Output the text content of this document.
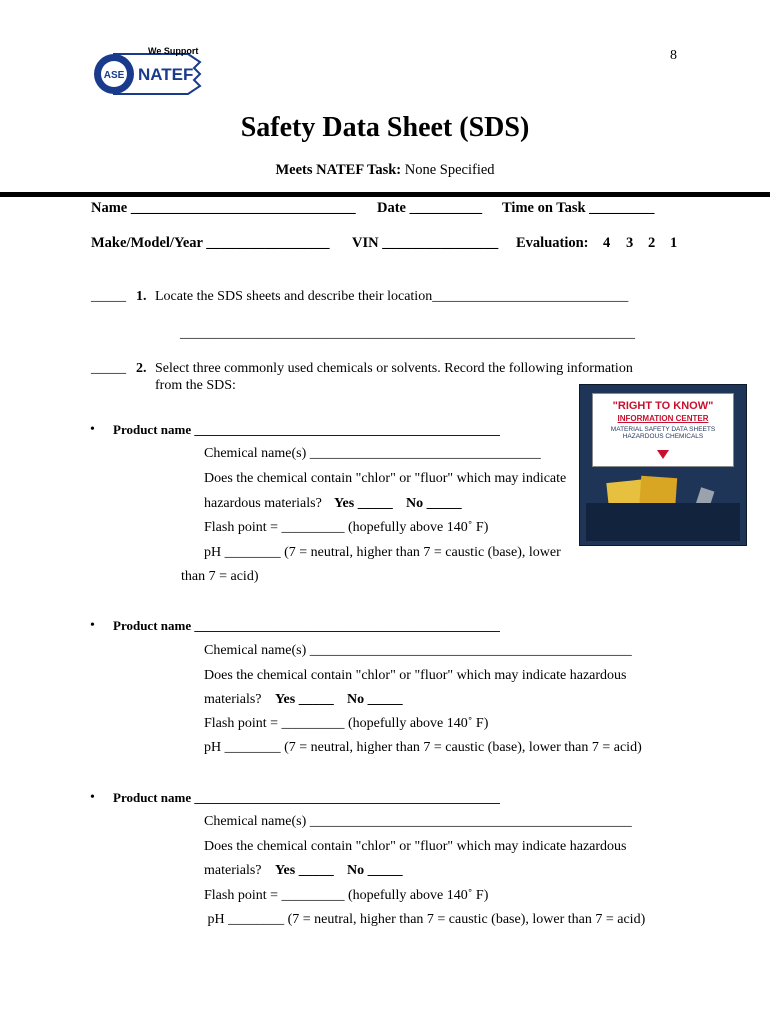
8
ASE
We Support
NATEF
Safety Data Sheet (SDS)
Meets NATEF Task: None Specified
Name _______________________________ Date __________ Time on Task _________
Make/Model/Year _________________ VIN ________________ Evaluation: 4 3 2 1
_____ 1. Locate the SDS sheets and describe their location____________________________
_________________________________________________________________
_____ 2. Select three commonly used chemicals or solvents. Record the following information
from the SDS:
"RIGHT TO KNOW"
INFORMATION CENTER
MATERIAL SAFETY DATA SHEETS
HAZARDOUS CHEMICALS
• Product name _______________________________________________
Chemical name(s) _________________________________
Does the chemical contain "chlor" or "fluor" which may indicate
hazardous materials? Yes _____ No _____
Flash point = _________ (hopefully above 140˚ F)
pH ________ (7 = neutral, higher than 7 = caustic (base), lower
than 7 = acid)
• Product name _______________________________________________
Chemical name(s) ______________________________________________
Does the chemical contain "chlor" or "fluor" which may indicate hazardous
materials? Yes _____ No _____
Flash point = _________ (hopefully above 140˚ F)
pH ________ (7 = neutral, higher than 7 = caustic (base), lower than 7 = acid)
• Product name _______________________________________________
Chemical name(s) ______________________________________________
Does the chemical contain "chlor" or "fluor" which may indicate hazardous
materials? Yes _____ No _____
Flash point = _________ (hopefully above 140˚ F)
pH ________ (7 = neutral, higher than 7 = caustic (base), lower than 7 = acid)
